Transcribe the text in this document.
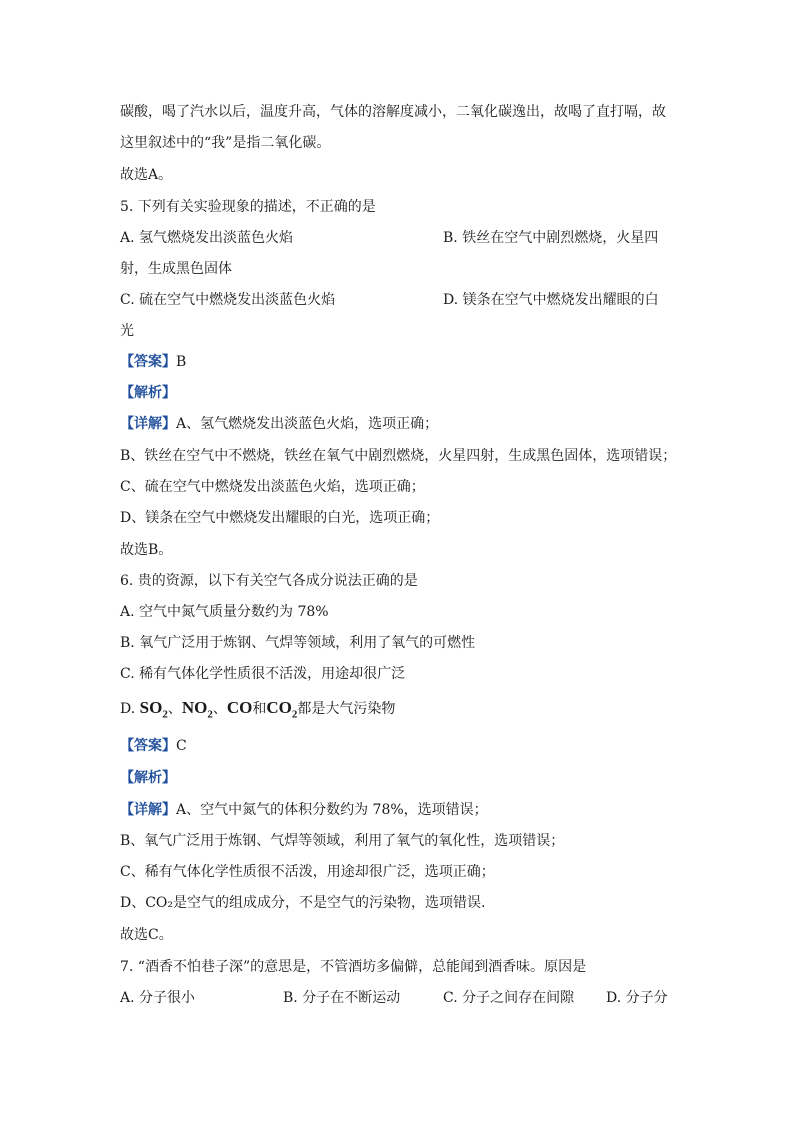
碳酸，喝了汽水以后，温度升高，气体的溶解度减小，二氧化碳逸出，故喝了直打嗝，故
这里叙述中的“我”是指二氧化碳。
故选A。
5. 下列有关实验现象的描述，不正确的是
A. 氢气燃烧发出淡蓝色火焰	B. 铁丝在空气中剧烈燃烧，火星四
射，生成黑色固体
C. 硫在空气中燃烧发出淡蓝色火焰	D. 镁条在空气中燃烧发出耀眼的白
光
【答案】B
【解析】
【详解】A、氢气燃烧发出淡蓝色火焰，选项正确；
B、铁丝在空气中不燃烧，铁丝在氧气中剧烈燃烧，火星四射，生成黑色固体，选项错误；
C、硫在空气中燃烧发出淡蓝色火焰，选项正确；
D、镁条在空气中燃烧发出耀眼的白光，选项正确；
故选B。
6. 贵的资源，以下有关空气各成分说法正确的是
A. 空气中氮气质量分数约为 78%
B. 氧气广泛用于炼钢、气焊等领域，利用了氧气的可燃性
C. 稀有气体化学性质很不活泼，用途却很广泛
D. $SO_2$、$NO_2$、CO和$CO_2$都是大气污染物
【答案】C
【解析】
【详解】A、空气中氮气的体积分数约为 78%，选项错误；
B、氧气广泛用于炼钢、气焊等领域，利用了氧气的氧化性，选项错误；
C、稀有气体化学性质很不活泼，用途却很广泛，选项正确；
D、CO₂是空气的组成成分，不是空气的污染物，选项错误.
故选C。
7. “酒香不怕巷子深”的意思是，不管酒坊多偏僻，总能闻到酒香味。原因是
A. 分子很小	B. 分子在不断运动	C. 分子之间存在间隙 D. 分子分
